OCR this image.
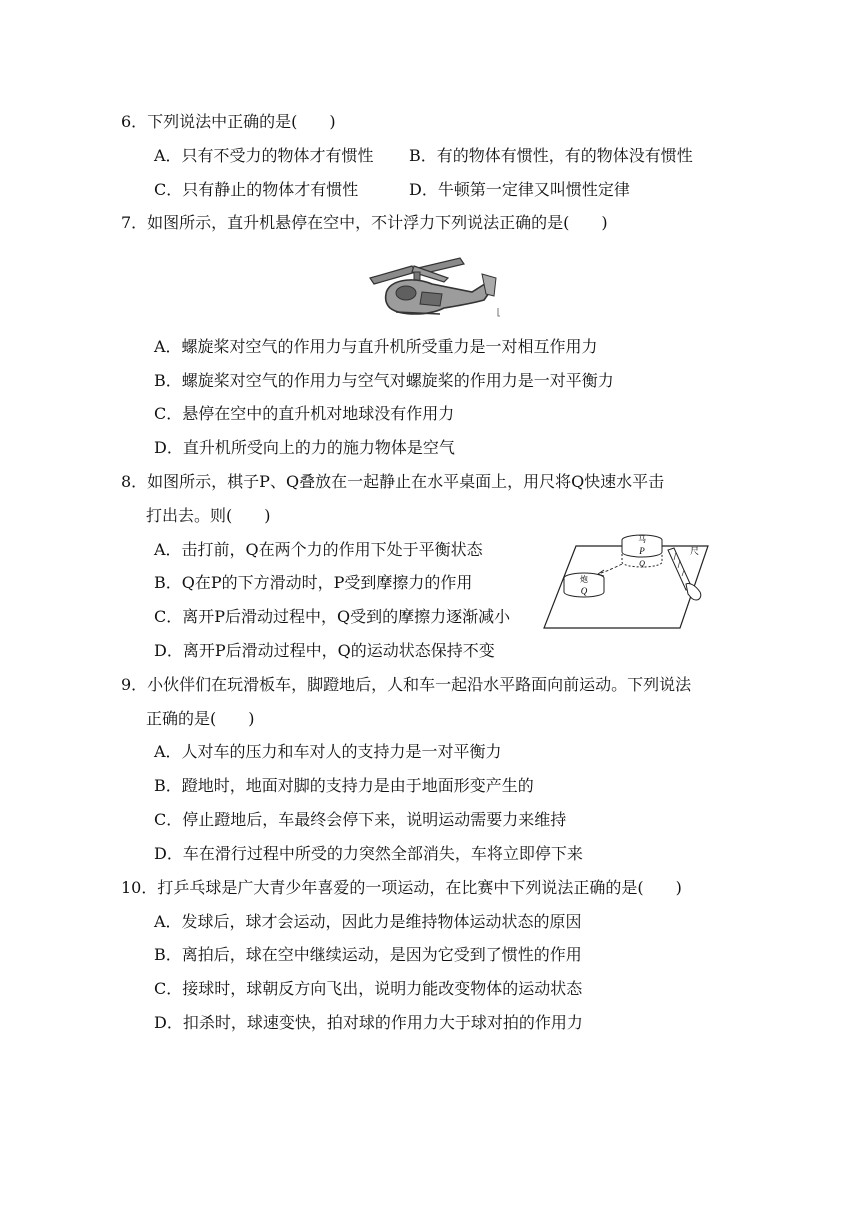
6．下列说法中正确的是(　　)
A．只有不受力的物体才有惯性 B．有的物体有惯性，有的物体没有惯性
C．只有静止的物体才有惯性	D．牛顿第一定律又叫惯性定律
7．如图所示，直升机悬停在空中，不计浮力下列说法正确的是(　　)
A．螺旋桨对空气的作用力与直升机所受重力是一对相互作用力
B．螺旋桨对空气的作用力与空气对螺旋桨的作用力是一对平衡力
C．悬停在空中的直升机对地球没有作用力
D．直升机所受向上的力的施力物体是空气
8．如图所示，棋子P、Q叠放在一起静止在水平桌面上，用尺将Q快速水平击
打出去。则(　　)
A．击打前，Q在两个力的作用下处于平衡状态
B．Q在P的下方滑动时，P受到摩擦力的作用
C．离开P后滑动过程中，Q受到的摩擦力逐渐减小
D．离开P后滑动过程中，Q的运动状态保持不变
马
P
Q
炮
Q
尺
9．小伙伴们在玩滑板车，脚蹬地后，人和车一起沿水平路面向前运动。下列说法
正确的是(　　)
A．人对车的压力和车对人的支持力是一对平衡力
B．蹬地时，地面对脚的支持力是由于地面形变产生的
C．停止蹬地后，车最终会停下来，说明运动需要力来维持
D．车在滑行过程中所受的力突然全部消失，车将立即停下来
10．打乒乓球是广大青少年喜爱的一项运动，在比赛中下列说法正确的是(　　)
A．发球后，球才会运动，因此力是维持物体运动状态的原因
B．离拍后，球在空中继续运动，是因为它受到了惯性的作用
C．接球时，球朝反方向飞出，说明力能改变物体的运动状态
D．扣杀时，球速变快，拍对球的作用力大于球对拍的作用力
